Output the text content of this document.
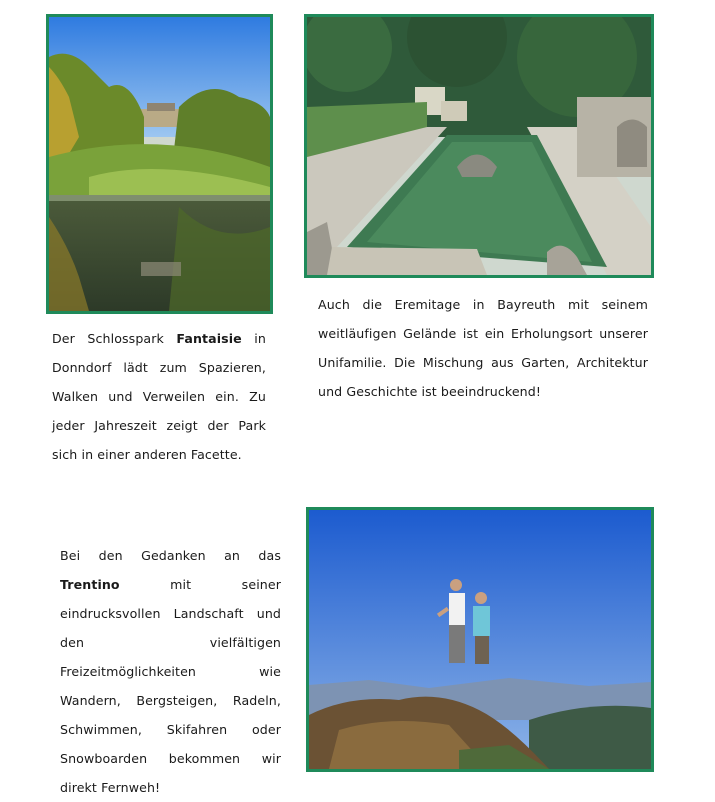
Der Schlosspark Fantaisie in Donndorf lädt zum Spazieren, Walken und Verweilen ein. Zu jeder Jahreszeit zeigt der Park sich in einer anderen Facette.
Auch die Eremitage in Bayreuth mit seinem weitläufigen Gelände ist ein Erholungsort unserer Unifamilie. Die Mischung aus Garten, Architektur und Geschichte ist beeindruckend!
Bei den Gedanken an das Trentino mit seiner eindrucksvollen Landschaft und den vielfältigen Freizeitmöglichkeiten wie Wandern, Bergsteigen, Radeln, Schwimmen, Skifahren oder Snowboarden bekommen wir direkt Fernweh!
